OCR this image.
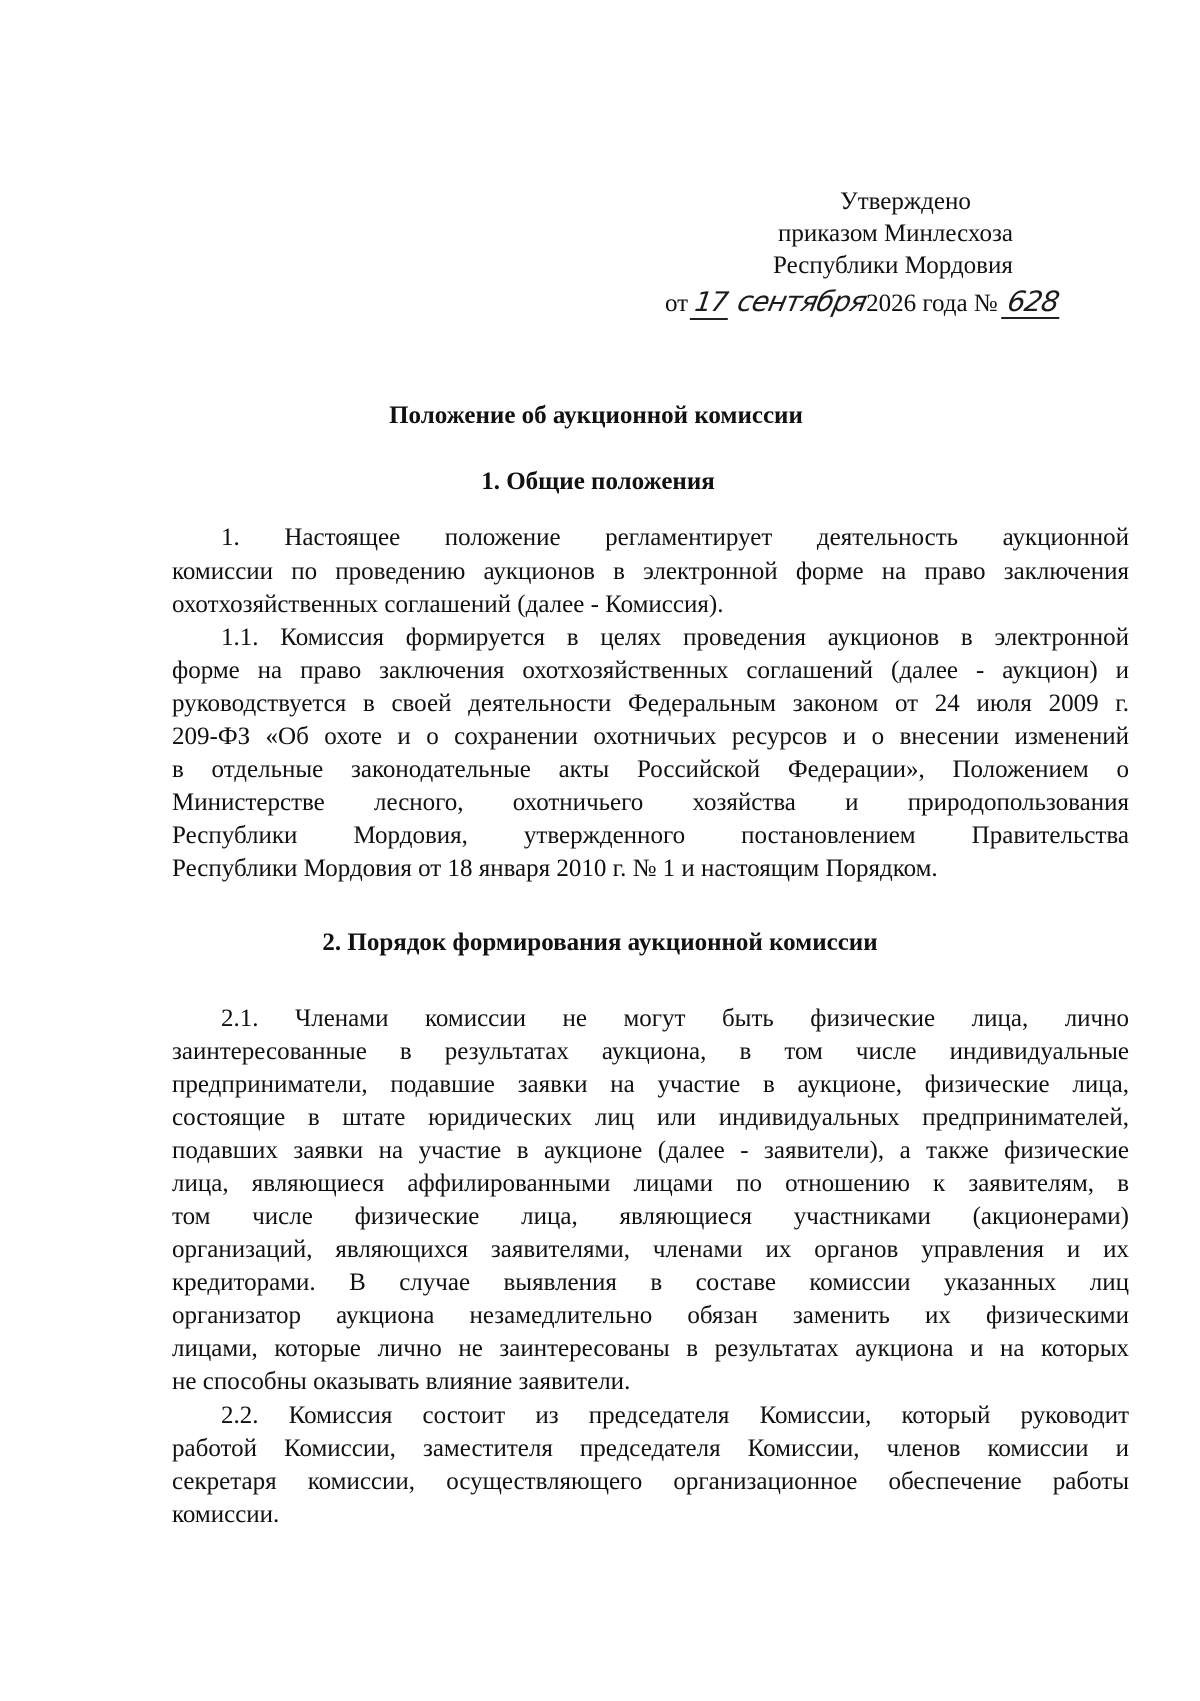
Утверждено
приказом Минлесхоза
Республики Мордовия
от 17 сентября2026 года № 628
Положение об аукционной комиссии
1. Общие положения
1. Настоящее положение регламентирует деятельность аукционной
комиссии по проведению аукционов в электронной форме на право заключения
охотхозяйственных соглашений (далее - Комиссия).
1.1. Комиссия формируется в целях проведения аукционов в электронной
форме на право заключения охотхозяйственных соглашений (далее - аукцион) и
руководствуется в своей деятельности Федеральным законом от 24 июля 2009 г.
209-ФЗ «Об охоте и о сохранении охотничьих ресурсов и о внесении изменений
в отдельные законодательные акты Российской Федерации», Положением о
Министерстве лесного, охотничьего хозяйства и природопользования
Республики Мордовия, утвержденного постановлением Правительства
Республики Мордовия от 18 января 2010 г. № 1 и настоящим Порядком.
2. Порядок формирования аукционной комиссии
2.1. Членами комиссии не могут быть физические лица, лично
заинтересованные в результатах аукциона, в том числе индивидуальные
предприниматели, подавшие заявки на участие в аукционе, физические лица,
состоящие в штате юридических лиц или индивидуальных предпринимателей,
подавших заявки на участие в аукционе (далее - заявители), а также физические
лица, являющиеся аффилированными лицами по отношению к заявителям, в
том числе физические лица, являющиеся участниками (акционерами)
организаций, являющихся заявителями, членами их органов управления и их
кредиторами. В случае выявления в составе комиссии указанных лиц
организатор аукциона незамедлительно обязан заменить их физическими
лицами, которые лично не заинтересованы в результатах аукциона и на которых
не способны оказывать влияние заявители.
2.2. Комиссия состоит из председателя Комиссии, который руководит
работой Комиссии, заместителя председателя Комиссии, членов комиссии и
секретаря комиссии, осуществляющего организационное обеспечение работы
комиссии.
